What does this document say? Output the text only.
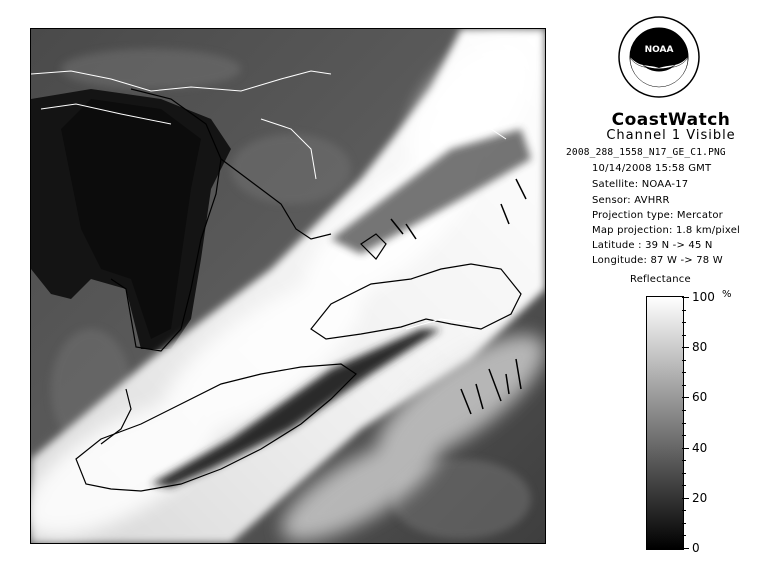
NOAA
CoastWatch
Channel 1 Visible
2008_288_1558_N17_GE_C1.PNG
10/14/2008 15:58 GMT
Satellite: NOAA-17
Sensor: AVHRR
Projection type: Mercator
Map projection: 1.8 km/pixel
Latitude : 39 N -> 45 N
Longitude: 87 W -> 78 W
Reflectance
%
100
80
60
40
20
0
